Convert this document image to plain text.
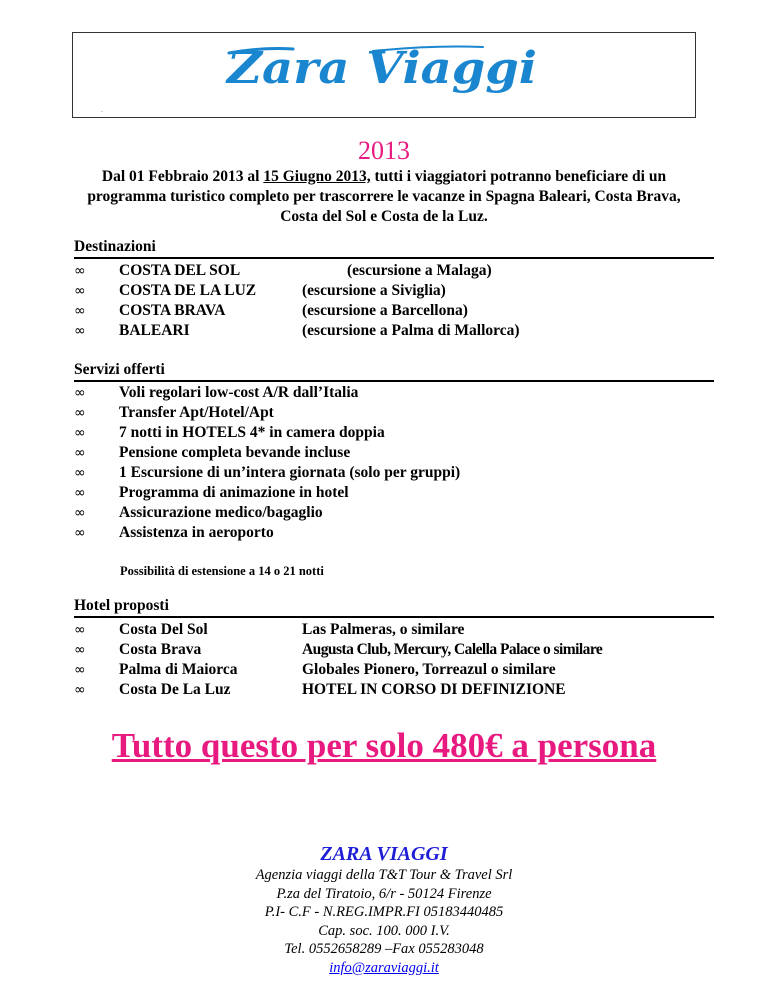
Zara Viaggi
.
2013
Dal 01 Febbraio 2013 al 15 Giugno 2013, tutti i viaggiatori potranno beneficiare di un programma turistico completo per trascorrere le vacanze in Spagna Baleari, Costa Brava, Costa del Sol e Costa de la Luz.
Destinazioni
∞	COSTA DEL SOL	(escursione a Malaga)
∞	COSTA DE LA LUZ	(escursione a Siviglia)
∞	COSTA BRAVA	(escursione a Barcellona)
∞	BALEARI	(escursione a Palma di Mallorca)
Servizi offerti
∞	Voli regolari low-cost A/R dall’Italia
∞	Transfer Apt/Hotel/Apt
∞	7 notti in HOTELS 4* in camera doppia
∞	Pensione completa bevande incluse
∞	1 Escursione di un’intera giornata (solo per gruppi)
∞	Programma di animazione in hotel
∞	Assicurazione medico/bagaglio
∞	Assistenza in aeroporto
Possibilità di estensione a 14 o 21 notti
Hotel proposti
∞	Costa Del Sol	Las Palmeras, o similare
∞	Costa Brava	Augusta Club, Mercury, Calella Palace o similare
∞	Palma di Maiorca	Globales Pionero, Torreazul o similare
∞	Costa De La Luz	HOTEL IN CORSO DI DEFINIZIONE
Tutto questo per solo 480€ a persona
ZARA VIAGGI
Agenzia viaggi della T&T Tour & Travel Srl
P.za del Tiratoio, 6/r - 50124 Firenze
P.I- C.F - N.REG.IMPR.FI 05183440485
Cap. soc. 100. 000 I.V.
Tel. 0552658289 –Fax 055283048
info@zaraviaggi.it
